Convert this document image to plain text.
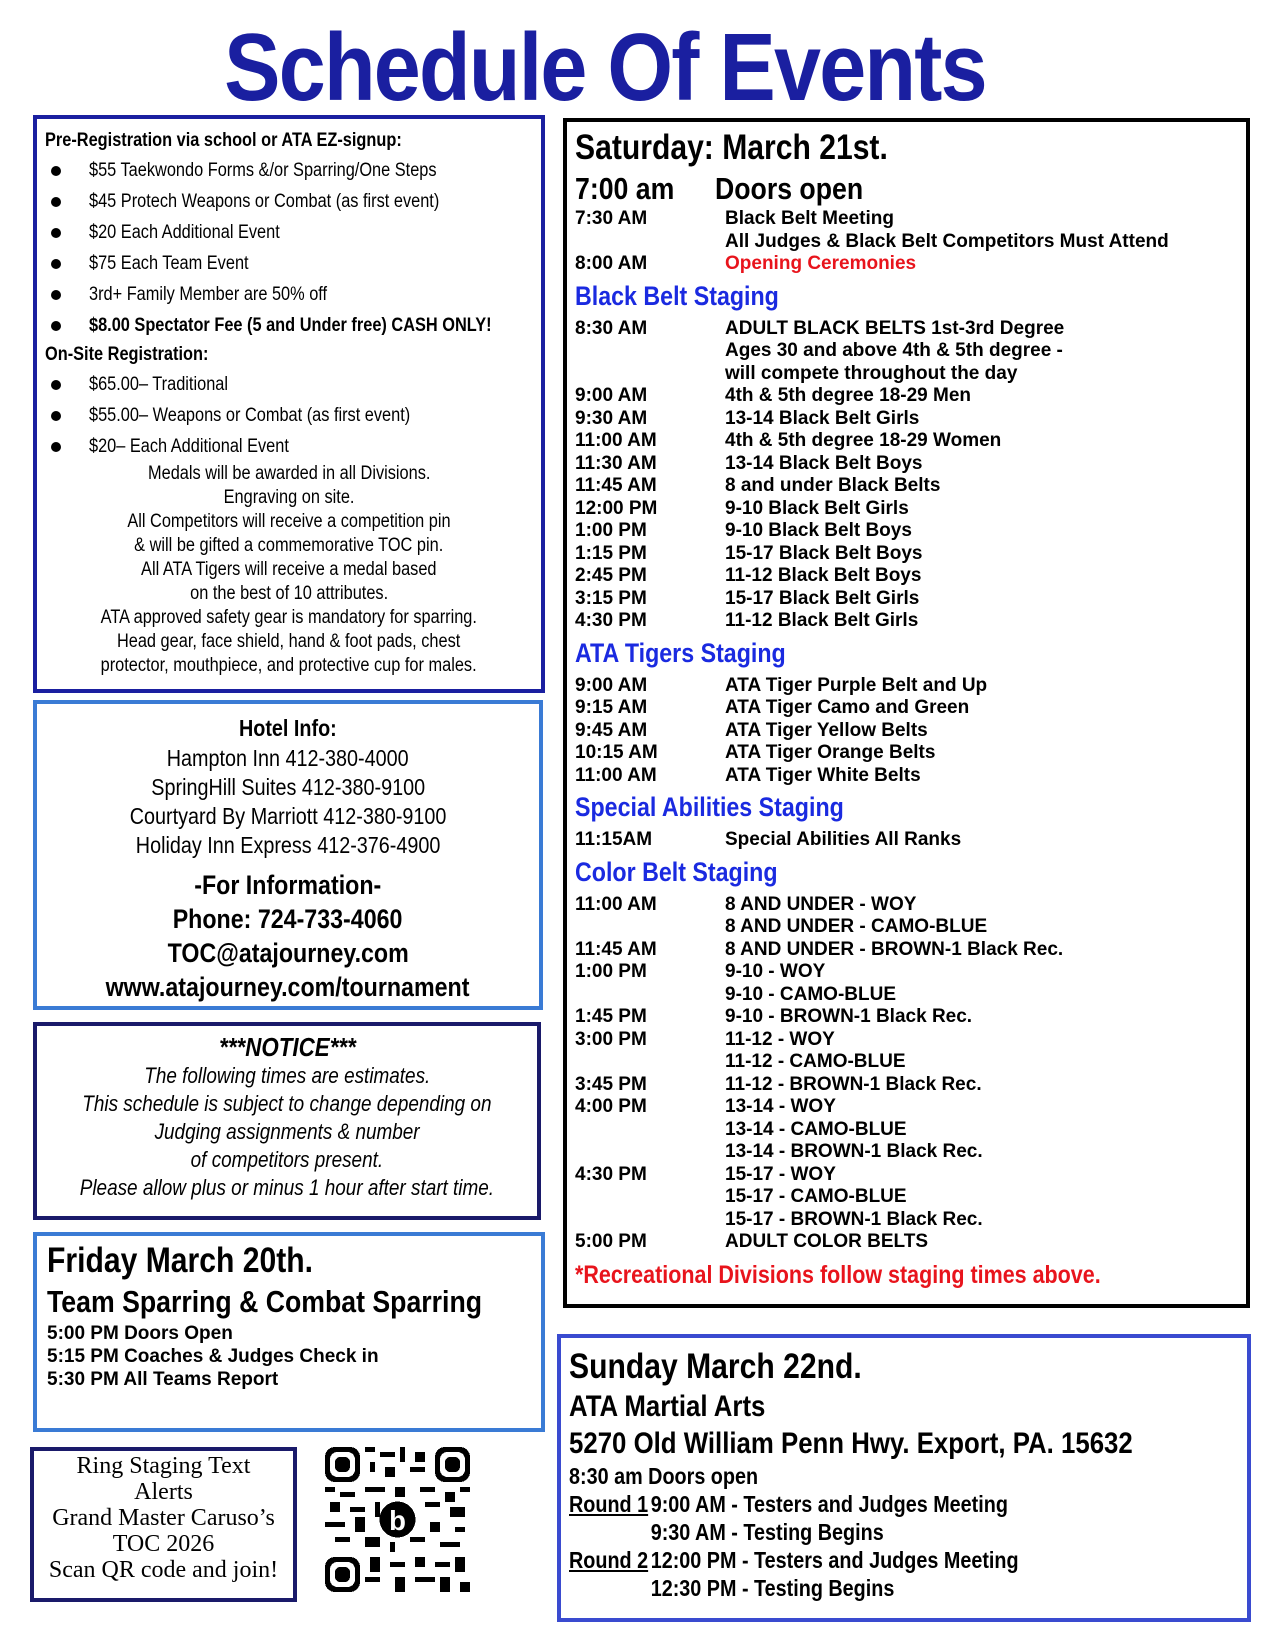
Schedule Of Events
Pre-Registration via school or ATA EZ-signup:
$55 Taekwondo Forms &/or Sparring/One Steps
$45 Protech Weapons or Combat (as first event)
$20 Each Additional Event
$75 Each Team Event
3rd+ Family Member are 50% off
$8.00 Spectator Fee (5 and Under free) CASH ONLY!
On-Site Registration:
$65.00– Traditional
$55.00– Weapons or Combat (as first event)
$20– Each Additional Event
Medals will be awarded in all Divisions.
Engraving on site.
All Competitors will receive a competition pin
& will be gifted a commemorative TOC pin.
All ATA Tigers will receive a medal based
on the best of 10 attributes.
ATA approved safety gear is mandatory for sparring.
Head gear, face shield, hand & foot pads, chest
protector, mouthpiece, and protective cup for males.
Hotel Info:
Hampton Inn 412-380-4000
SpringHill Suites 412-380-9100
Courtyard By Marriott 412-380-9100
Holiday Inn Express 412-376-4900
-For Information-
Phone: 724-733-4060
TOC@atajourney.com
www.atajourney.com/tournament
***NOTICE***
The following times are estimates.
This schedule is subject to change depending on
Judging assignments & number
of competitors present.
Please allow plus or minus 1 hour after start time.
Friday March 20th.
Team Sparring & Combat Sparring
5:00 PM Doors Open
5:15 PM Coaches & Judges Check in
5:30 PM All Teams Report
Ring Staging Text
Alerts
Grand Master Caruso’s
TOC 2026
Scan QR code and join!
b
Saturday: March 21st.
7:00 am	Doors open
7:30 AM	Black Belt Meeting
All Judges & Black Belt Competitors Must Attend
8:00 AM	Opening Ceremonies
Black Belt Staging
8:30 AM	ADULT BLACK BELTS 1st-3rd Degree
Ages 30 and above 4th & 5th degree -
will compete throughout the day
9:00 AM	4th & 5th degree 18-29 Men
9:30 AM	13-14 Black Belt Girls
11:00 AM	4th & 5th degree 18-29 Women
11:30 AM	13-14 Black Belt Boys
11:45 AM	8 and under Black Belts
12:00 PM	9-10 Black Belt Girls
1:00 PM	9-10 Black Belt Boys
1:15 PM	15-17 Black Belt Boys
2:45 PM	11-12 Black Belt Boys
3:15 PM	15-17 Black Belt Girls
4:30 PM	11-12 Black Belt Girls
ATA Tigers Staging
9:00 AM	ATA Tiger Purple Belt and Up
9:15 AM	ATA Tiger Camo and Green
9:45 AM	ATA Tiger Yellow Belts
10:15 AM	ATA Tiger Orange Belts
11:00 AM	ATA Tiger White Belts
Special Abilities Staging
11:15AM	Special Abilities All Ranks
Color Belt Staging
11:00 AM	8 AND UNDER - WOY
8 AND UNDER - CAMO-BLUE
11:45 AM	8 AND UNDER - BROWN-1 Black Rec.
1:00 PM	9-10 - WOY
9-10 - CAMO-BLUE
1:45 PM	9-10 - BROWN-1 Black Rec.
3:00 PM	11-12 - WOY
11-12 - CAMO-BLUE
3:45 PM	11-12 - BROWN-1 Black Rec.
4:00 PM	13-14 - WOY
13-14 - CAMO-BLUE
13-14 - BROWN-1 Black Rec.
4:30 PM	15-17 - WOY
15-17 - CAMO-BLUE
15-17 - BROWN-1 Black Rec.
5:00 PM	ADULT COLOR BELTS
*Recreational Divisions follow staging times above.
Sunday March 22nd.
ATA Martial Arts
5270 Old William Penn Hwy. Export, PA. 15632
8:30 am Doors open
Round 1 9:00 AM - Testers and Judges Meeting
9:30 AM - Testing Begins
Round 2 12:00 PM - Testers and Judges Meeting
12:30 PM - Testing Begins
